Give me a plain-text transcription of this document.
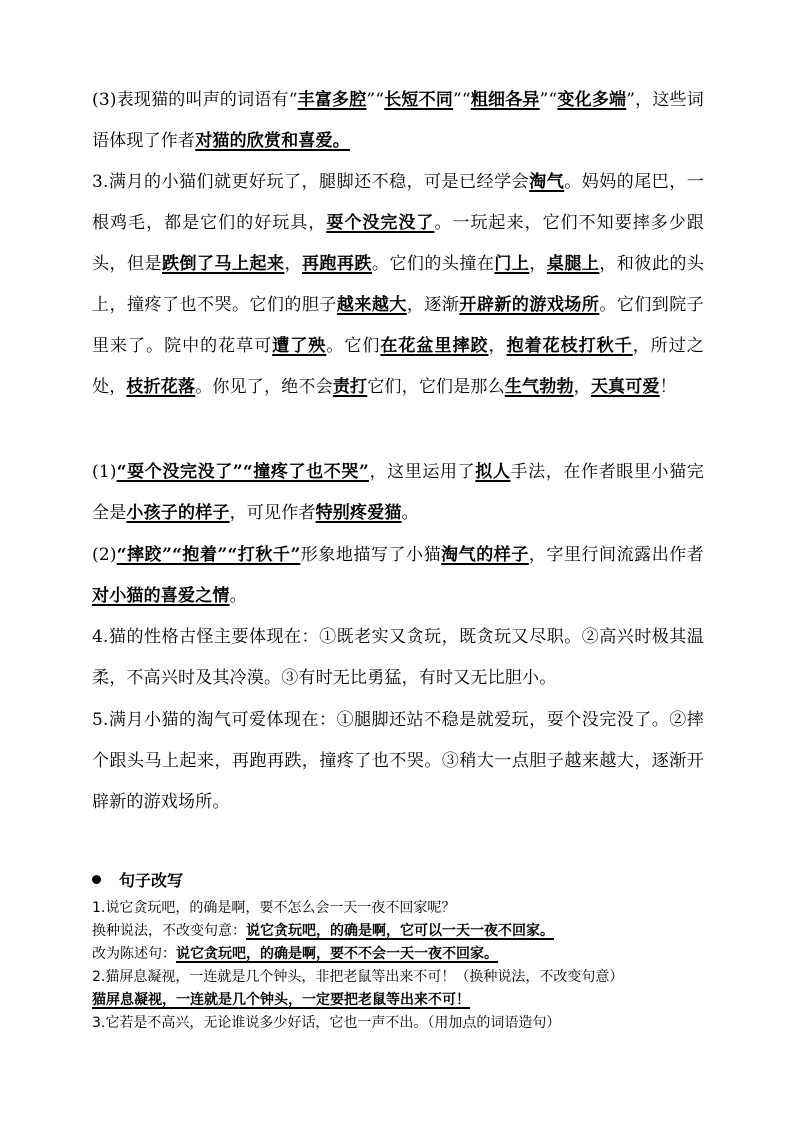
(3)表现猫的叫声的词语有“丰富多腔”“长短不同”“粗细各异”“变化多端”，这些词语体现了作者对猫的欣赏和喜爱。

3.满月的小猫们就更好玩了，腿脚还不稳，可是已经学会淘气。妈妈的尾巴，一根鸡毛，都是它们的好玩具，耍个没完没了。一玩起来，它们不知要摔多少跟头，但是跌倒了马上起来，再跑再跌。它们的头撞在门上，桌腿上，和彼此的头上，撞疼了也不哭。它们的胆子越来越大，逐渐开辟新的游戏场所。它们到院子里来了。院中的花草可遭了殃。它们在花盆里摔跤，抱着花枝打秋千，所过之处，枝折花落。你见了，绝不会责打它们，它们是那么生气勃勃，天真可爱！

(1)“耍个没完没了”“撞疼了也不哭”，这里运用了拟人手法，在作者眼里小猫完全是小孩子的样子，可见作者特别疼爱猫。

(2)“摔跤”“抱着”“打秋千”形象地描写了小猫淘气的样子，字里行间流露出作者对小猫的喜爱之情。

4.猫的性格古怪主要体现在：①既老实又贪玩，既贪玩又尽职。②高兴时极其温柔，不高兴时及其冷漠。③有时无比勇猛，有时又无比胆小。

5.满月小猫的淘气可爱体现在：①腿脚还站不稳是就爱玩，耍个没完没了。②摔个跟头马上起来，再跑再跌，撞疼了也不哭。③稍大一点胆子越来越大，逐渐开辟新的游戏场所。

句子改写

1.说它贪玩吧，的确是啊，要不怎么会一天一夜不回家呢？

换种说法，不改变句意：说它贪玩吧，的确是啊，它可以一天一夜不回家。

改为陈述句：说它贪玩吧，的确是啊，要不不会一天一夜不回家。

2.猫屏息凝视，一连就是几个钟头，非把老鼠等出来不可！（换种说法，不改变句意）

猫屏息凝视，一连就是几个钟头，一定要把老鼠等出来不可！

3.它若是不高兴，无论谁说多少好话，它也一声不出。（用加点的词语造句）
